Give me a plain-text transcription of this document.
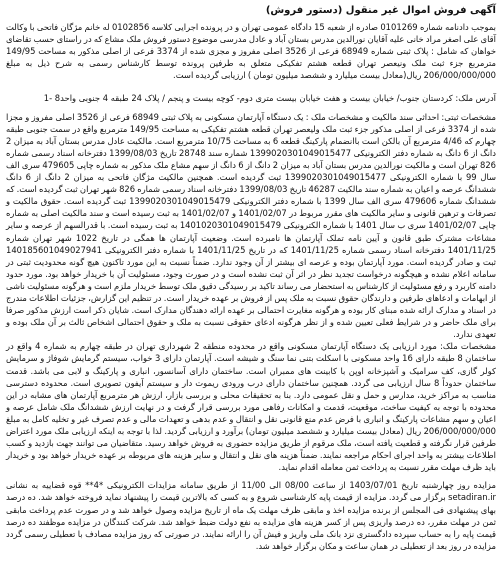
آگهی فروش اموال غیر منقول (دستور فروش)

بموجب دادنامه شماره 0101269 صادره از شعبه 15 دادگاه عمومی تهران و در پرونده اجرایی کلاسه 0102856 له خانم مژگان فاتحی با وکالت آقای علی اصغر مراد خانی علیه آقایان نورالدین مدرس بستان آباد و عادل مدرسی موضوع دستور فروش ملک مشاع که در راستای حسب تقاضای خواهان که شامل : پلاک ثبتی شماره 68949 فرعی از 3526 اصلی مفروز و مجزی شده از 3374 فرعی از اصلی مذکور به مساحت 149/95 مترمربع جزء ثبت ملک ونیعصر تهران قطعه هشتم تفکیکی متعلق به طرفین پرونده توسط کارشناس رسمی به شرح ذیل به مبلغ 206/000/000/000 ریال(معادل بیست میلیارد و ششصد میلیون تومان ) ارزیابی گردیده است.

آدرس ملک: کردستان جنوب/ خیابان بیست و هفت خیابان بیست متری دوم- کوچه بیست و پنجم / پلاک 24 طبقه 4 جنوبی واحد8 -1

مشخصات ثبتی: احداثی سند مالکیت و مشخصات ملک : یک دستگاه آپارتمان مسکونی به پلاک ثبتی 68949 فرعی از 3526 اصلی مفروز و مجزا شده از 3374 فرعی از اصلی مذکور جزء ثبت ملک ولیعصر تهران قطعه هشتم تفکیکی به مساحت 149/95 مترمربع واقع در سمت جنوبی طبقه چهارم که 4/46 مترمربع آن بالکن است باانضمام پارکینگ قطعه 6 به مساحت 10/75 مترمربع است. مالکیت عادل مدرس بستان آباد به میزان 2 دانگ از 6 دانگ به شماره دفتر الکترونیکی 1399020301049015477 شماره سند 28748 تاریخ 1399/08/03 دفترخانه اسناد رسمی شماره 826 تهران است و مالکیت نورالدین مدرس بستان آباد به میزان 2 دانگ از 6 دانگ از سهم مشاع ملک مذکور به شماره چاپی 479605 سری الف سال 99 با شماره الکترونیکی 1399020301049015477 ثبت گردیده است. همچنین مالکیت مژگان فاتحی به میزان 2 دانگ از 6 دانگ ششدانگ عرصه و اعیان به شماره سند مالکیت 46287 تاریخ 1399/08/03 دفترخانه اسناد رسمی شماره 826 شهر تهران ثبت گردیده است. که ششدانگ شماره 479606 سری الف سال 1399 با شماره دفتر الکترونیکی 1399020301049015479 ثبت گردیده است. حقوق مالکیت و تصرفات و ترهین قانونی و سایر مالکیت های مقرر مربوط در 1401/02/07 و 1401/02/07 به ثبت رسیده است و سند مالکیت اصلی به شماره چاپی 1401/02/07 سری ب سال 1401 با شماره الکترونیکی 1401020301049015479 به ثبت رسیده است. با قدرالسهم از عرصه و سایر مشاعات مشترک طبق قانون و آیین نامه تملک آپارتمان ها نامبرده است. وضعیت آپارتمان ها همگی در تاریخ 1022 شهر تهران شماره 1401/11/25 دفترخانه اسناد رسمی شماره 1401/11/25 که در تاریخ 1401/11/25 با شماره دفتر الکترونیکی 140185601049027941 ثبت و صادر گردیده است. مورد آپارتمان بوده و عرصه ای بیشتر از آن وجود ندارد. ضمناً نسبت به این مورد تاکنون هیچ گونه محدودیت ثبتی در سامانه اعلام نشده و هیچگونه درخواست تجدید نظر در اثر آن ثبت نشده است و در صورت وجود، مسئولیت آن با خریدار خواهد بود. مورد حدود دامنه کاربرد و رفع مسئولیت از کارشناس به استحضار می رساند تاکید بر رسیدگی دقیق ملک توسط خریدار ملزم است و هرگونه مسئولیت ناشی از ابهامات و ادعاهای طرفین و دارندگان حقوق نسبت به ملک پس از فروش بر عهده خریدار است. در تنظیم این گزارش، جزئیات اطلاعات مندرج در اسناد و مدارک ارائه شده مبنای کار بوده و هرگونه مغایرت احتمالی بر عهده ارائه دهندگان مدارک است. شایان ذکر است ارزش مذکور صرفا برای ملک حاضر و در شرایط فعلی تعیین شده و از نظر هرگونه ادعای حقوقی نسبت به ملک و حقوق احتمالی اشخاص ثالث بر آن ملک بوده و تعهدی ندارد.

مشخصات ملک: مورد ارزیابی یک دستگاه آپارتمان مسکونی واقع در محدوده منطقه 2 شهرداری تهران در طبقه چهارم به شماره 4 واقع در ساختمان 8 طبقه دارای 16 واحد مسکونی با اسکلت بتنی نما سنگ و شیشه است. آپارتمان دارای 3 خواب، سیستم گرمایش شوفاژ و سرمایش کولر گازی، کف سرامیک و آشپزخانه اوپن با کابینت های ممبران است. ساختمان دارای آسانسور، انباری و پارکینگ و لابی می باشد. قدمت ساختمان حدوداً 8 سال ارزیابی می گردد. همچنین ساختمان دارای درب ورودی ریموت دار و سیستم آیفون تصویری است. محدوده دسترسی مناسب به مراکز خرید، مدارس و حمل و نقل عمومی دارد. بنا به تحقیقات محلی و بررسی بازار، ارزش هر مترمربع آپارتمان های مشابه در این محدوده با توجه به کیفیت ساخت، موقعیت، قدمت و امکانات رفاهی مورد بررسی قرار گرفت و در نهایت ارزش ششدانگ ملک شامل عرصه و اعیان و سهم مشاعات پارکینگ و انباری با فرض عدم منع قانونی نقل و انتقال و عدم بدهی و تعهدات مالی و عدم تصرف غیر و تخلیه کامل به مبلغ 206/000/000/000 ریال (معادل بیست میلیارد و ششصد میلیون تومان) برآورد و ارزیابی گردید. لذا با توجه به اینکه ارزیابی ملک مورد اعتراض طرفین قرار نگرفته و قطعیت یافته است، ملک مرقوم از طریق مزایده حضوری به فروش خواهد رسید. متقاضیان می توانند جهت بازدید و کسب اطلاعات بیشتر به واحد اجرای احکام مراجعه نمایند. ضمناً هزینه های نقل و انتقال و سایر هزینه های مربوطه بر عهده خریدار خواهد بود و خریدار باید ظرف مهلت مقرر نسبت به پرداخت ثمن معامله اقدام نماید.

مزایده روز چهارشنبه تاریخ 1403/07/01 از ساعت 08/00 الی 11/00 از طریق سامانه مزایدات الکترونیکی *4** قوه قضاییه به نشانی setadiran.ir برگزار می گردد. مزایده از قیمت پایه کارشناسی شروع و به کسی که بالاترین قیمت را پیشنهاد نماید فروخته خواهد شد. ده درصد بهای پیشنهادی فی المجلس از برنده مزایده اخذ و مابقی ظرف مهلت یک ماه از تاریخ مزایده وصول خواهد شد و در صورت عدم پرداخت مابقی ثمن در مهلت مقرر، ده درصد واریزی پس از کسر هزینه های مزایده به نفع دولت ضبط خواهد شد. شرکت کنندگان در مزایده موظفند ده درصد قیمت پایه را به حساب سپرده دادگستری نزد بانک ملی واریز و فیش آن را ارائه نمایند. در صورتی که روز مزایده مصادف با تعطیلی رسمی گردد مزایده در روز بعد از تعطیلی در همان ساعت و مکان برگزار خواهد شد.
